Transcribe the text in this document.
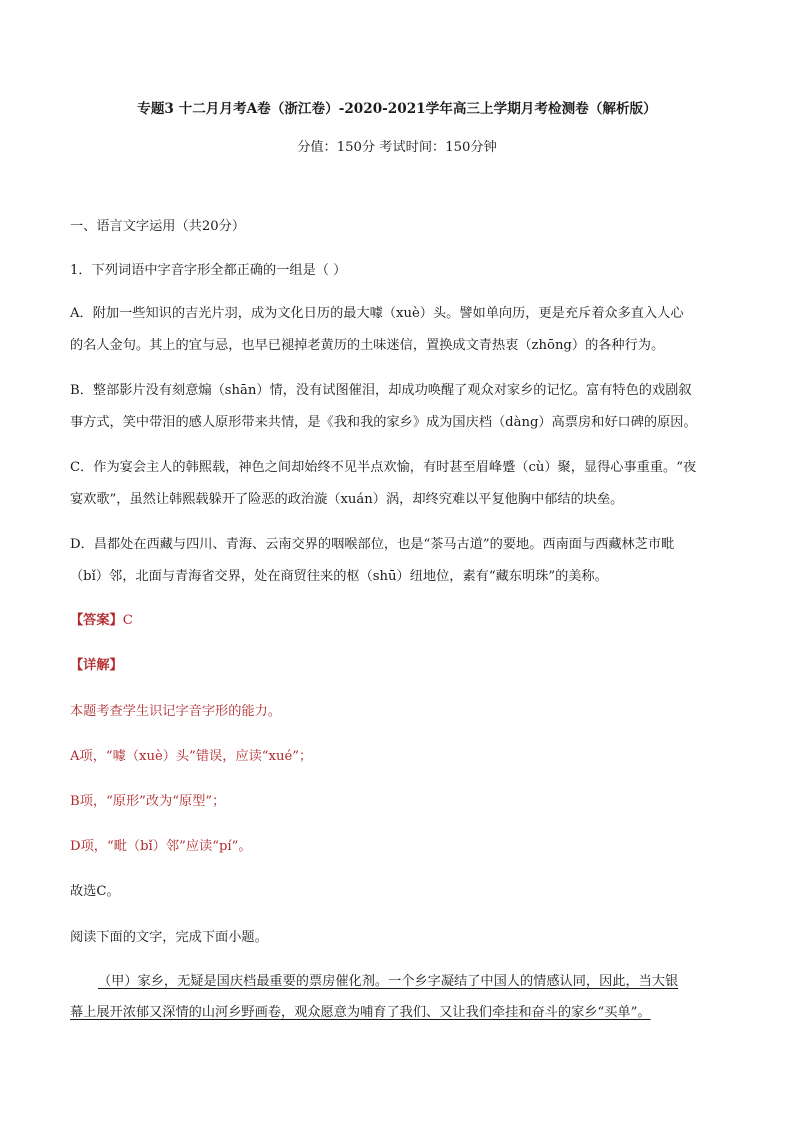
专题3 十二月月考A卷（浙江卷）-2020-2021学年高三上学期月考检测卷（解析版）
分值：150分 考试时间：150分钟
一、语言文字运用（共20分）
1．下列词语中字音字形全都正确的一组是（ ）
A．附加一些知识的吉光片羽，成为文化日历的最大噱（xuè）头。譬如单向历，更是充斥着众多直入人心
的名人金句。其上的宜与忌，也早已褪掉老黄历的土味迷信，置换成文青热衷（zhōng）的各种行为。
B．整部影片没有刻意煽（shān）情，没有试图催泪，却成功唤醒了观众对家乡的记忆。富有特色的戏剧叙
事方式，笑中带泪的感人原形带来共情，是《我和我的家乡》成为国庆档（dàng）高票房和好口碑的原因。
C．作为宴会主人的韩熙载，神色之间却始终不见半点欢愉，有时甚至眉峰蹙（cù）聚，显得心事重重。“夜
宴欢歌”，虽然让韩熙载躲开了险恶的政治漩（xuán）涡，却终究难以平复他胸中郁结的块垒。
D．昌都处在西藏与四川、青海、云南交界的咽喉部位，也是“茶马古道”的要地。西南面与西藏林芝市毗
（bǐ）邻，北面与青海省交界，处在商贸往来的枢（shū）纽地位，素有“藏东明珠”的美称。
【答案】C
【详解】
本题考查学生识记字音字形的能力。
A项，“噱（xuè）头”错误，应读“xué”；
B项，“原形”改为“原型”；
D项，“毗（bǐ）邻”应读“pí”。
故选C。
阅读下面的文字，完成下面小题。
（甲）家乡，无疑是国庆档最重要的票房催化剂。一个乡字凝结了中国人的情感认同，因此，当大银
幕上展开浓郁又深情的山河乡野画卷，观众愿意为哺育了我们、又让我们牵挂和奋斗的家乡“买单”。
